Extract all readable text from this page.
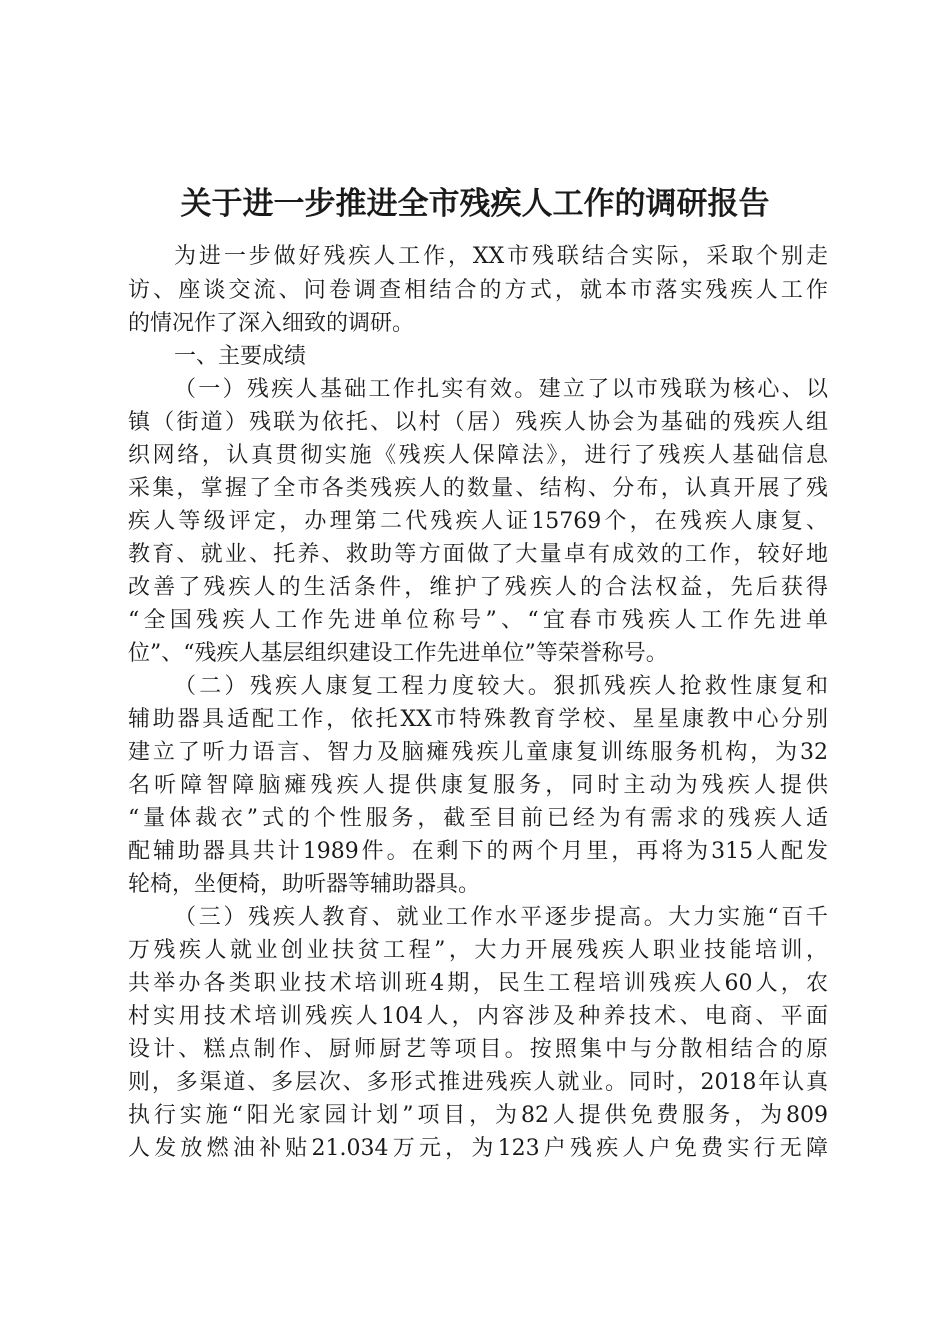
关于进一步推进全市残疾人工作的调研报告
为进一步做好残疾人工作，XX市残联结合实际，采取个别走
访、座谈交流、问卷调查相结合的方式，就本市落实残疾人工作
的情况作了深入细致的调研。
一、主要成绩
（一）残疾人基础工作扎实有效。建立了以市残联为核心、以
镇（街道）残联为依托、以村（居）残疾人协会为基础的残疾人组
织网络，认真贯彻实施《残疾人保障法》，进行了残疾人基础信息
采集，掌握了全市各类残疾人的数量、结构、分布，认真开展了残
疾人等级评定，办理第二代残疾人证15769个，在残疾人康复、
教育、就业、托养、救助等方面做了大量卓有成效的工作，较好地
改善了残疾人的生活条件，维护了残疾人的合法权益，先后获得
“全国残疾人工作先进单位称号”、“宜春市残疾人工作先进单
位”、“残疾人基层组织建设工作先进单位”等荣誉称号。
（二）残疾人康复工程力度较大。狠抓残疾人抢救性康复和
辅助器具适配工作，依托XX市特殊教育学校、星星康教中心分别
建立了听力语言、智力及脑瘫残疾儿童康复训练服务机构，为32
名听障智障脑瘫残疾人提供康复服务，同时主动为残疾人提供
“量体裁衣”式的个性服务，截至目前已经为有需求的残疾人适
配辅助器具共计1989件。在剩下的两个月里，再将为315人配发
轮椅，坐便椅，助听器等辅助器具。
（三）残疾人教育、就业工作水平逐步提高。大力实施“百千
万残疾人就业创业扶贫工程”，大力开展残疾人职业技能培训，
共举办各类职业技术培训班4期，民生工程培训残疾人60人，农
村实用技术培训残疾人104人，内容涉及种养技术、电商、平面
设计、糕点制作、厨师厨艺等项目。按照集中与分散相结合的原
则，多渠道、多层次、多形式推进残疾人就业。同时，2018年认真
执行实施“阳光家园计划”项目，为82人提供免费服务，为809
人发放燃油补贴21.034万元，为123户残疾人户免费实行无障
